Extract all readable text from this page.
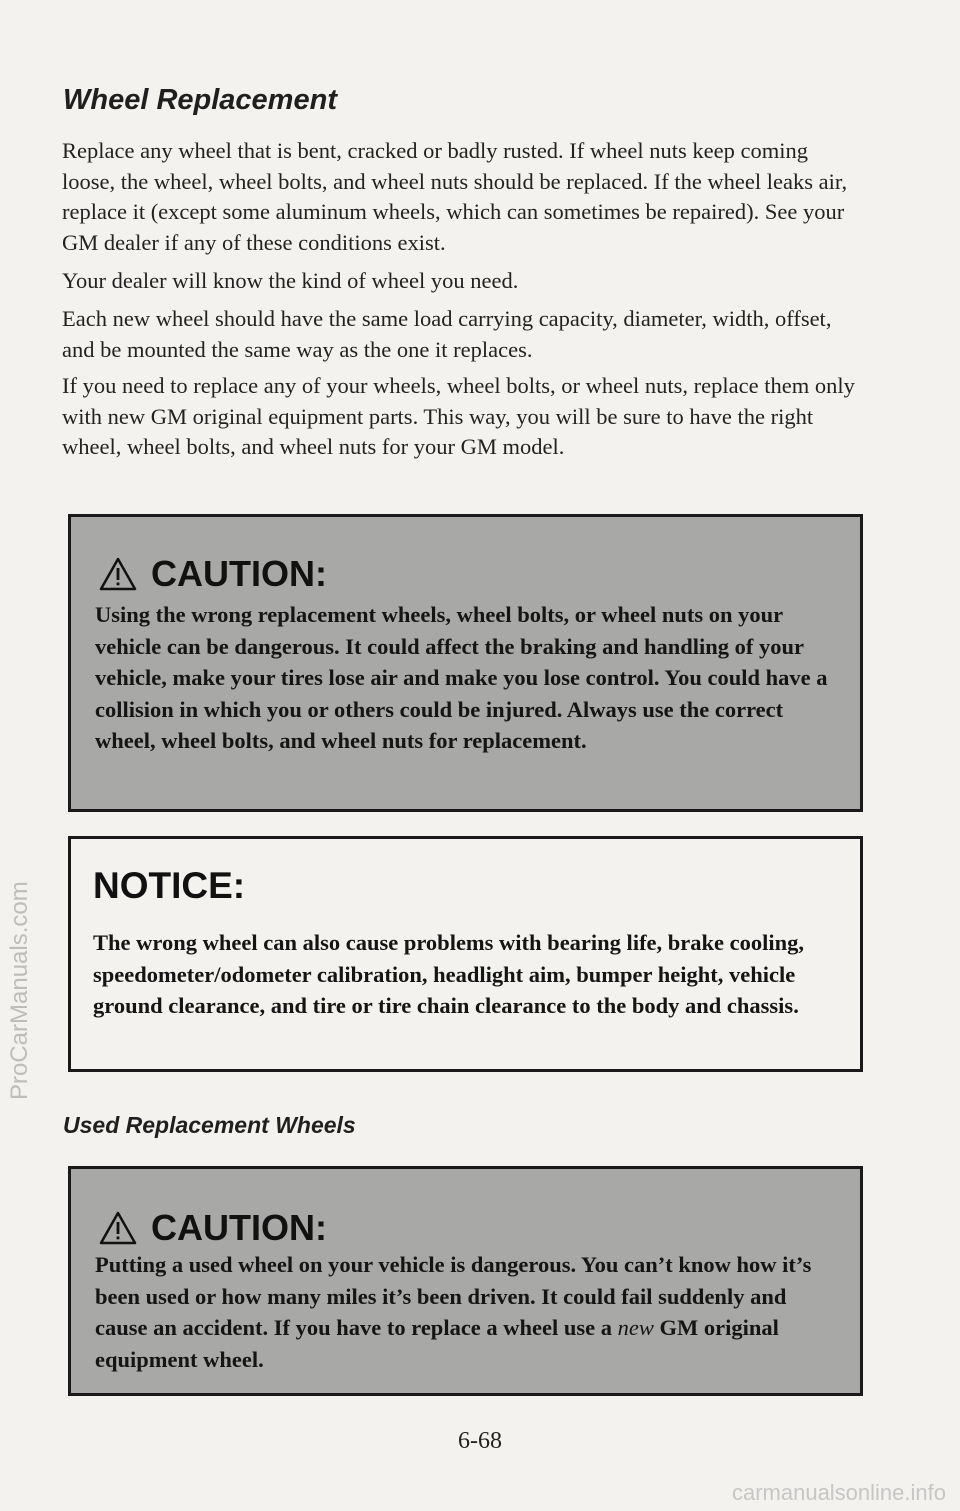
Wheel Replacement

Replace any wheel that is bent, cracked or badly rusted. If wheel nuts keep coming loose, the wheel, wheel bolts, and wheel nuts should be replaced. If the wheel leaks air, replace it (except some aluminum wheels, which can sometimes be repaired). See your GM dealer if any of these conditions exist.

Your dealer will know the kind of wheel you need.

Each new wheel should have the same load carrying capacity, diameter, width, offset, and be mounted the same way as the one it replaces.

If you need to replace any of your wheels, wheel bolts, or wheel nuts, replace them only with new GM original equipment parts. This way, you will be sure to have the right wheel, wheel bolts, and wheel nuts for your GM model.

CAUTION:

Using the wrong replacement wheels, wheel bolts, or wheel nuts on your vehicle can be dangerous. It could affect the braking and handling of your vehicle, make your tires lose air and make you lose control. You could have a collision in which you or others could be injured. Always use the correct wheel, wheel bolts, and wheel nuts for replacement.

NOTICE:

The wrong wheel can also cause problems with bearing life, brake cooling, speedometer/odometer calibration, headlight aim, bumper height, vehicle ground clearance, and tire or tire chain clearance to the body and chassis.

Used Replacement Wheels
CAUTION:

Putting a used wheel on your vehicle is dangerous. You can’t know how it’s been used or how many miles it’s been driven. It could fail suddenly and cause an accident. If you have to replace a wheel use a new GM original equipment wheel.

6-68
ProCarManuals.com
carmanualsonline.info
